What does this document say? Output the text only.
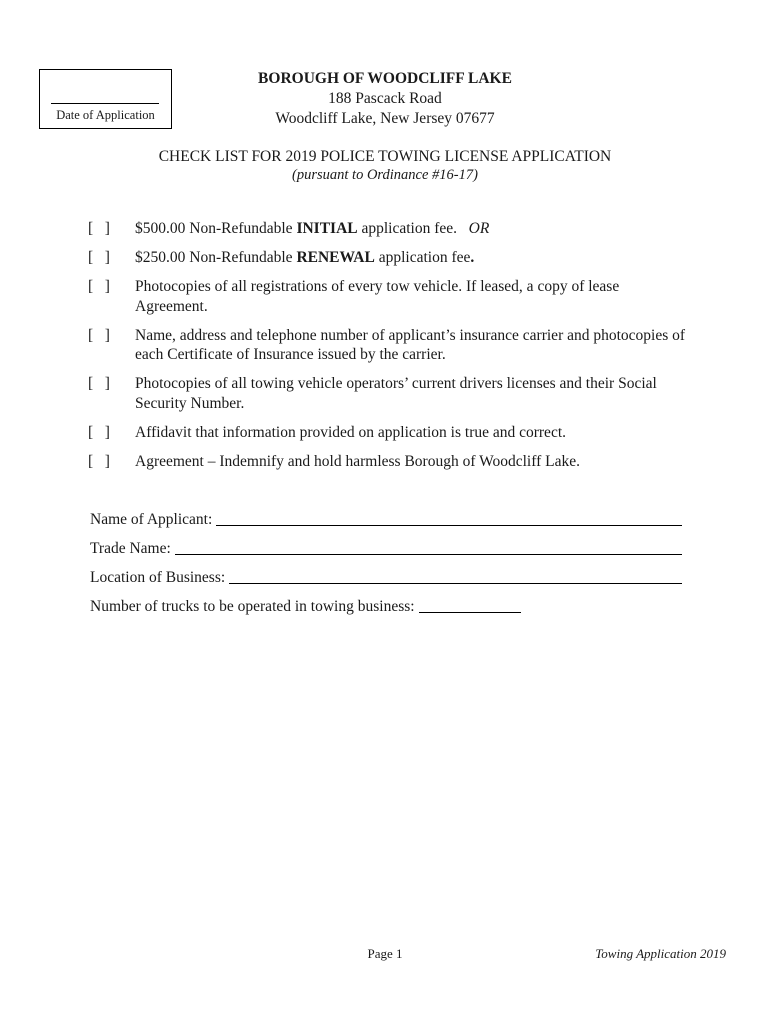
Date of Application
BOROUGH OF WOODCLIFF LAKE
188 Pascack Road
Woodcliff Lake, New Jersey 07677
CHECK LIST FOR 2019 POLICE TOWING LICENSE APPLICATION
(pursuant to Ordinance #16-17)
[   ]	$500.00 Non-Refundable INITIAL application fee. OR
[   ]	$250.00 Non-Refundable RENEWAL application fee.
[   ]	Photocopies of all registrations of every tow vehicle. If leased, a copy of lease Agreement.
[   ]	Name, address and telephone number of applicant’s insurance carrier and photocopies of each Certificate of Insurance issued by the carrier.
[   ]	Photocopies of all towing vehicle operators’ current drivers licenses and their Social Security Number.
[   ]	Affidavit that information provided on application is true and correct.
[   ]	Agreement – Indemnify and hold harmless Borough of Woodcliff Lake.
Name of Applicant:
Trade Name:
Location of Business:
Number of trucks to be operated in towing business:
Page 1	Towing Application 2019
